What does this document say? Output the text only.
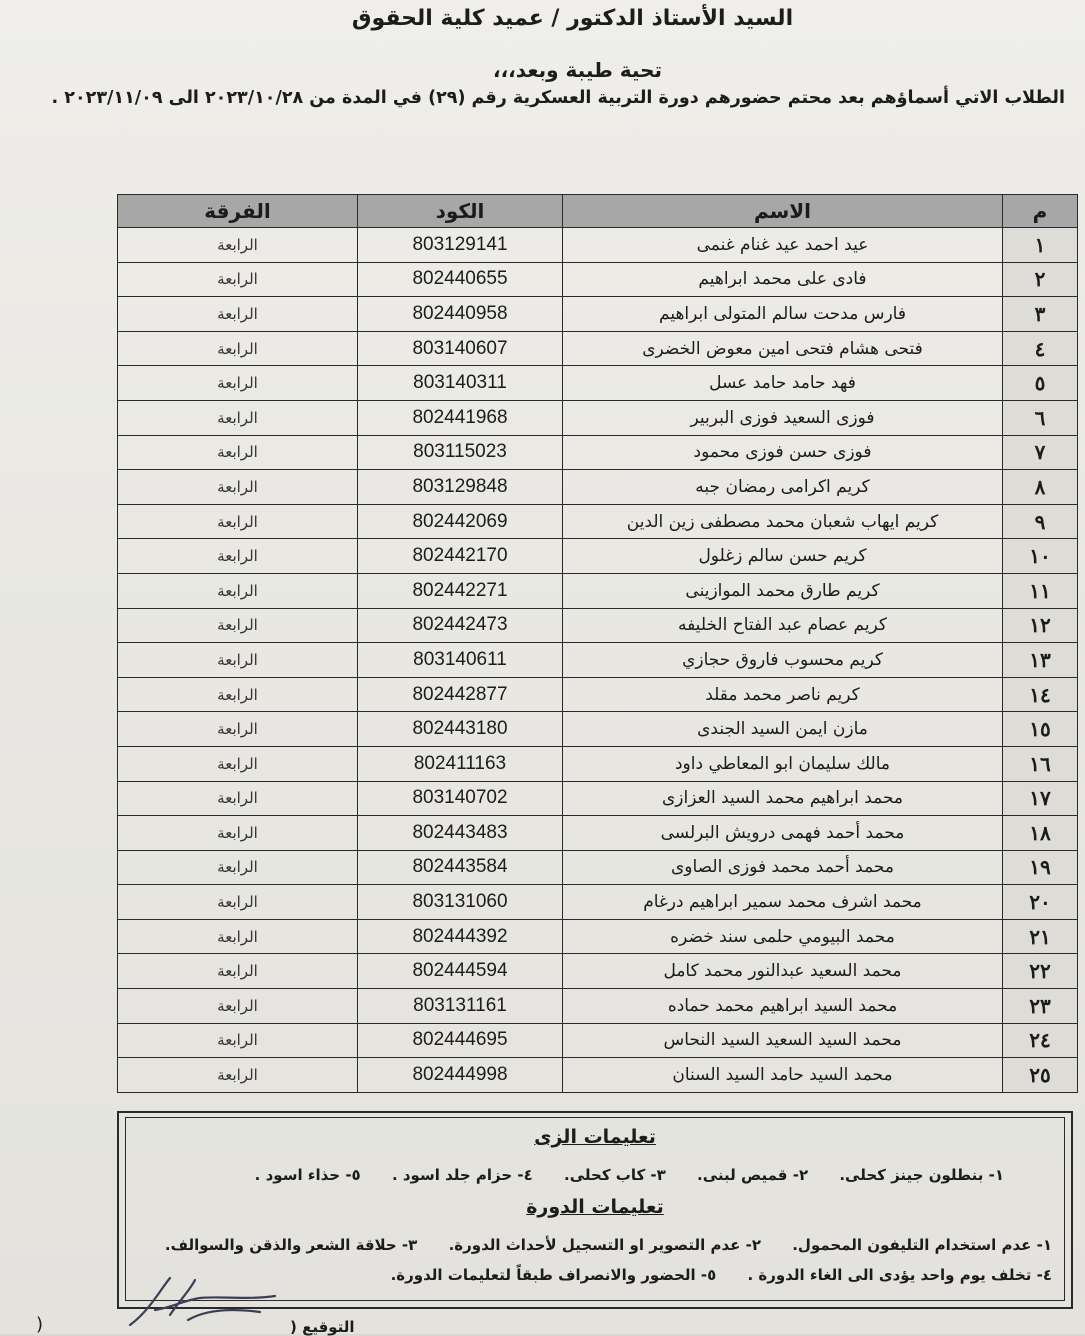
السيد الأستاذ الدكتور / عميد كلية الحقوق
تحية طيبة وبعد،،،
الطلاب الاتي أسماؤهم بعد محتم حضورهم دورة التربية العسكرية رقم (٢٩) في المدة من ٢٠٢٣/١٠/٢٨ الى ٢٠٢٣/١١/٠٩ .
م	الاسم	الكود	الفرقة
١	عيد احمد عيد غنام غنمى	803129141	الرابعة
٢	فادى على محمد ابراهيم	802440655	الرابعة
٣	فارس مدحت سالم المتولى ابراهيم	802440958	الرابعة
٤	فتحى هشام فتحى امين معوض الخضرى	803140607	الرابعة
٥	فهد حامد حامد عسل	803140311	الرابعة
٦	فوزى السعيد فوزى البربير	802441968	الرابعة
٧	فوزى حسن فوزى محمود	803115023	الرابعة
٨	كريم اكرامى رمضان جبه	803129848	الرابعة
٩	كريم ايهاب شعبان محمد مصطفى زين الدين	802442069	الرابعة
١٠	كريم حسن سالم زغلول	802442170	الرابعة
١١	كريم طارق محمد الموازينى	802442271	الرابعة
١٢	كريم عصام عبد الفتاح الخليفه	802442473	الرابعة
١٣	كريم محسوب فاروق حجازي	803140611	الرابعة
١٤	كريم ناصر محمد مقلد	802442877	الرابعة
١٥	مازن ايمن السيد الجندى	802443180	الرابعة
١٦	مالك سليمان ابو المعاطي داود	802411163	الرابعة
١٧	محمد ابراهيم محمد السيد العزازى	803140702	الرابعة
١٨	محمد أحمد فهمى درويش البرلسى	802443483	الرابعة
١٩	محمد أحمد محمد فوزى الصاوى	802443584	الرابعة
٢٠	محمد اشرف محمد سمير ابراهيم درغام	803131060	الرابعة
٢١	محمد البيومي حلمى سند خضره	802444392	الرابعة
٢٢	محمد السعيد عبدالنور محمد كامل	802444594	الرابعة
٢٣	محمد السيد ابراهيم محمد حماده	803131161	الرابعة
٢٤	محمد السيد السعيد السيد النحاس	802444695	الرابعة
٢٥	محمد السيد حامد السيد السنان	802444998	الرابعة
تعليمات الزى
١- بنطلون جينز كحلى. ٢- قميص لبنى. ٣- كاب كحلى. ٤- حزام جلد اسود . ٥- حذاء اسود .
تعليمات الدورة
١- عدم استخدام التليفون المحمول. ٢- عدم التصوير او التسجيل لأحداث الدورة. ٣- حلاقة الشعر والذقن والسوالف.
٤- تخلف يوم واحد يؤدى الى الغاء الدورة . ٥- الحضور والانصراف طبقاً لتعليمات الدورة.
التوقيع (
)
